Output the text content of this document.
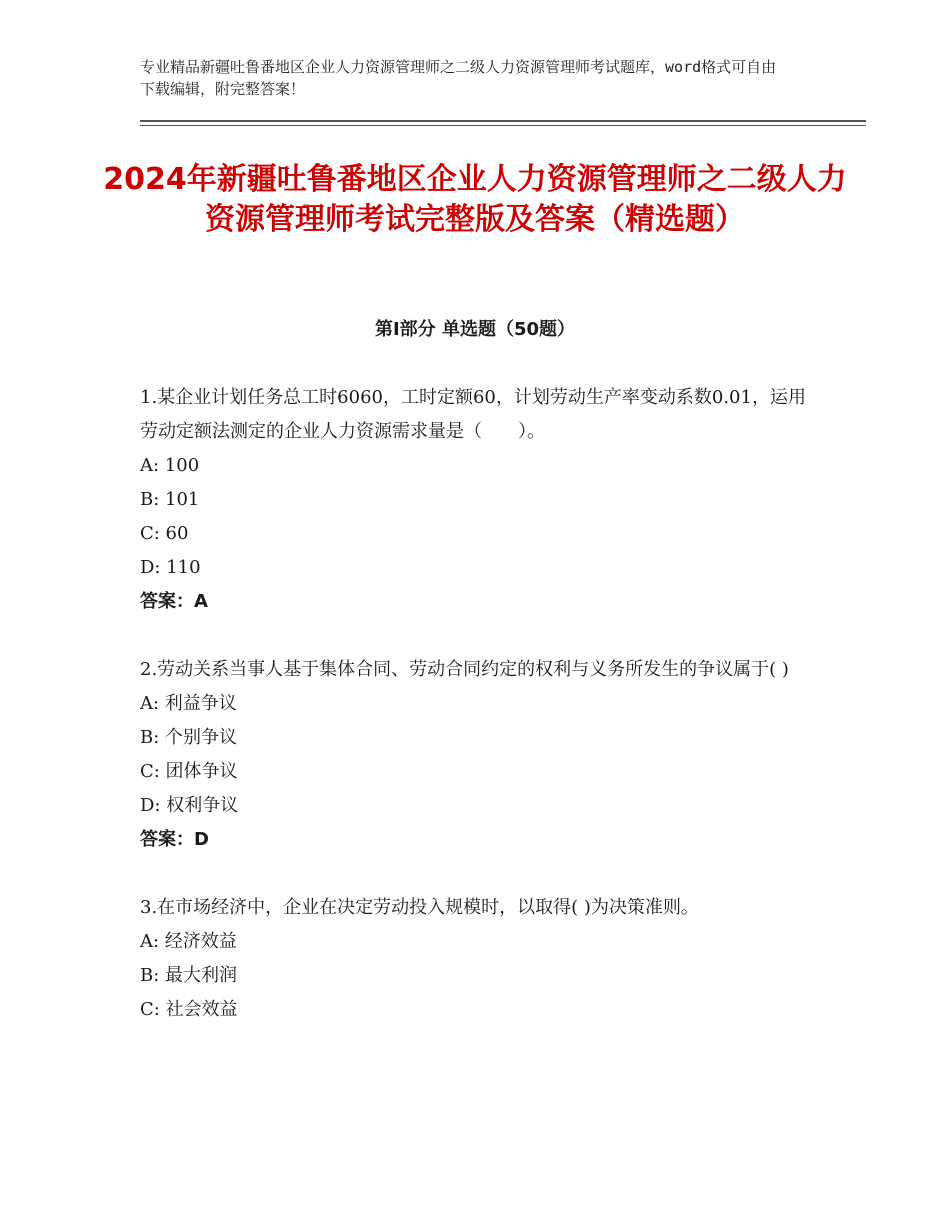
专业精品新疆吐鲁番地区企业人力资源管理师之二级人力资源管理师考试题库，word格式可自由下载编辑，附完整答案！
2024年新疆吐鲁番地区企业人力资源管理师之二级人力资源管理师考试完整版及答案（精选题）
第Ⅰ部分 单选题（50题）
1.某企业计划任务总工时6060，工时定额60，计划劳动生产率变动系数0.01，运用劳动定额法测定的企业人力资源需求量是（　　）。
A: 100
B: 101
C: 60
D: 110
答案：A
2.劳动关系当事人基于集体合同、劳动合同约定的权利与义务所发生的争议属于( )
A: 利益争议
B: 个别争议
C: 团体争议
D: 权利争议
答案：D
3.在市场经济中，企业在决定劳动投入规模时，以取得( )为决策准则。
A: 经济效益
B: 最大利润
C: 社会效益
